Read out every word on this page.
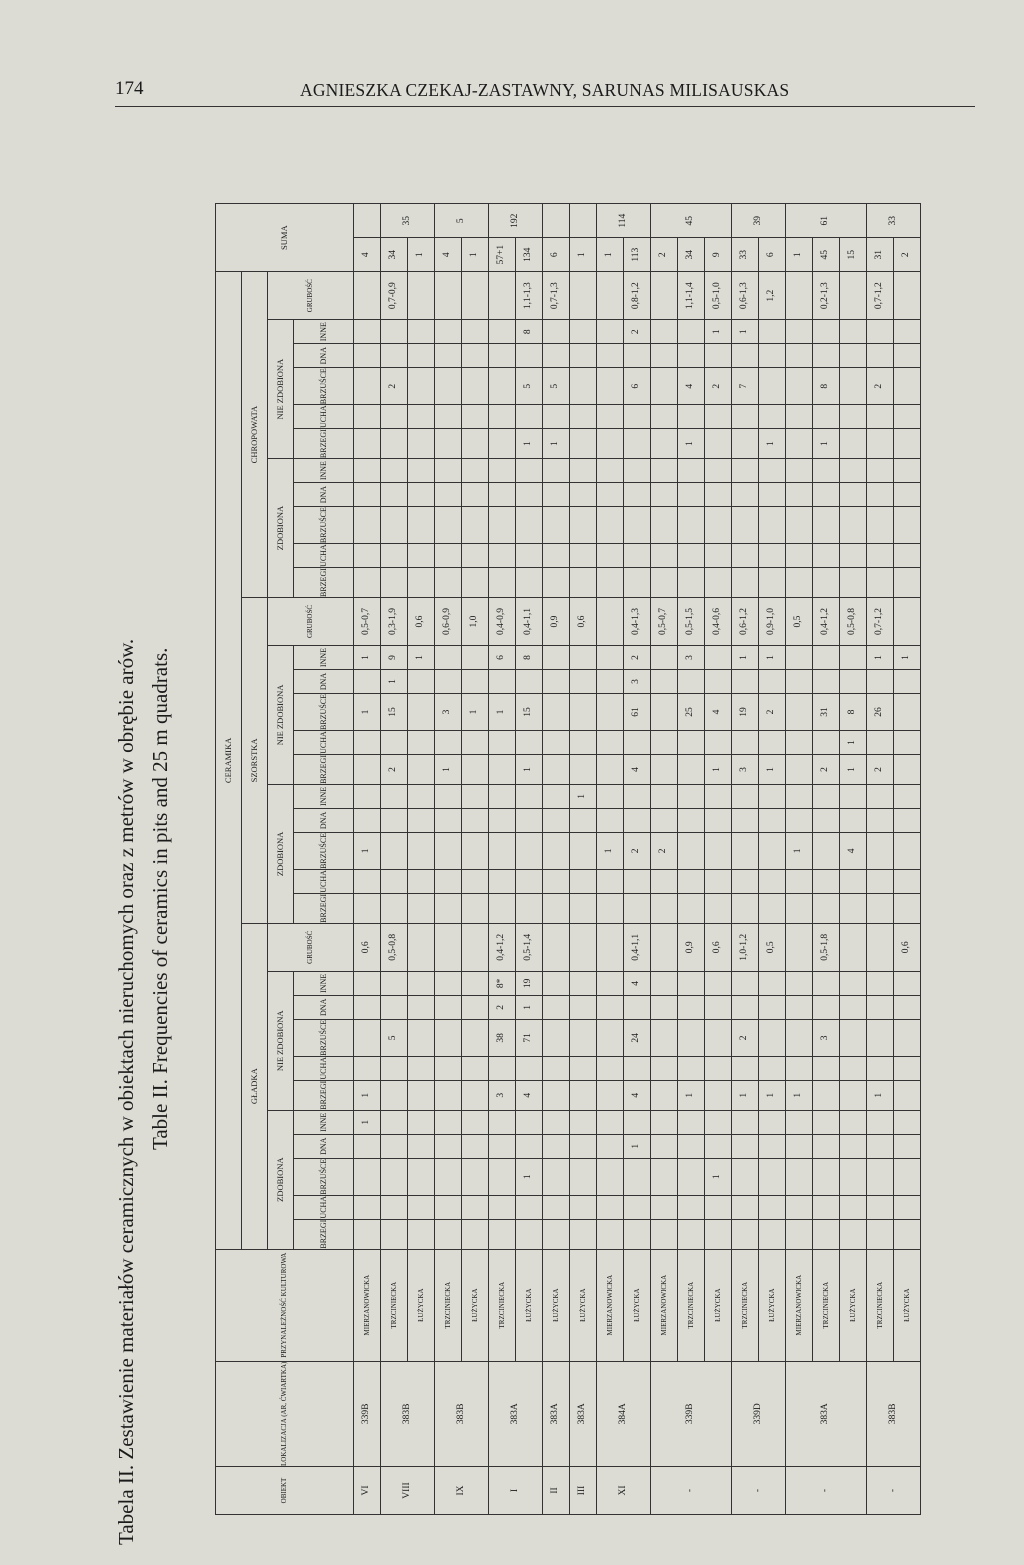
174	AGNIESZKA CZEKAJ-ZASTAWNY, SARUNAS MILISAUSKAS
Tabela II. Zestawienie materiałów ceramicznych w obiektach nieruchomych oraz z metrów w obrębie arów. Table II. Frequencies of ceramics in pits and 25 m quadrats.
OBIEKT	LOKALIZACJA (AR, ĆWIARTKA)	PRZYNALEŻNOŚĆ KULTUROWA	CERAMIKA																																	SUMA	
			GŁADKA											SZORSTKA											CHROPOWATA												
			ZDOBIONA					NIE ZDOBIONA					GRUBOŚĆ	ZDOBIONA					NIE ZDOBIONA					GRUBOŚĆ	ZDOBIONA					NIE ZDOBIONA					GRUBOŚĆ		
			BRZEGI	UCHA	BRZUŚCE	DNA	INNE	BRZEGI	UCHA	BRZUŚCE	DNA	INNE		BRZEGI	UCHA	BRZUŚCE	DNA	INNE	BRZEGI	UCHA	BRZUŚCE	DNA	INNE		BRZEGI	UCHA	BRZUŚCE	DNA	INNE	BRZEGI	UCHA	BRZUŚCE	DNA	INNE			
VI	339B	MIERZANOWICKA					1	1					0,6			1					1		1	0,5-0,7												4	
VIII	383B	TRZCINIECKA								5			0,5-0,8						2		15	1	9	0,3-1,9								2			0,7-0,9	34	35
		ŁUŻYCKA																					1	0,6												1	
IX	383B	TRZCINIECKA																	1		3			0,6-0,9												4	5
		ŁUŻYCKA																			1			1,0												1	
I	383A	TRZCINIECKA						3		38	2	8*	0,4-1,2								1		6	0,4-0,9												57+1	192
		ŁUŻYCKA			1			4		71	1	19	0,5-1,4						1		15		8	0,4-1,1						1		5		8	1,1-1,3	134	
II	383A	ŁUŻYCKA																						0,9						1		5			0,7-1,3	6	
III	383A	ŁUŻYCKA																1						0,6												1	
XI	384A	MIERZANOWICKA														1																				1	114
		ŁUŻYCKA				1		4		24		4	0,4-1,1			2			4		61	3	2	0,4-1,3								6		2	0,8-1,2	113	
-	339B	MIERZANOWICKA														2								0,5-0,7												2	45
		TRZCINIECKA						1					0,9								25		3	0,5-1,5						1		4			1,1-1,4	34	
		ŁUŻYCKA			1								0,6						1		4			0,4-0,6								2		1	0,5-1,0	9	
-	339D	TRZCINIECKA						1		2			1,0-1,2						3		19		1	0,6-1,2								7		1	0,6-1,3	33	39
		ŁUŻYCKA						1					0,5						1		2		1	0,9-1,0						1					1,2	6	
-	383A	MIERZANOWICKA						1								1								0,5												1	61
		TRZCINIECKA								3			0,5-1,8						2		31			0,4-1,2						1		8			0,2-1,3	45	
		ŁUŻYCKA														4			1	1	8			0,5-0,8												15	
-	383B	TRZCINIECKA						1											2		26		1	0,7-1,2								2			0,7-1,2	31	33
		ŁUŻYCKA											0,6										1													2	
